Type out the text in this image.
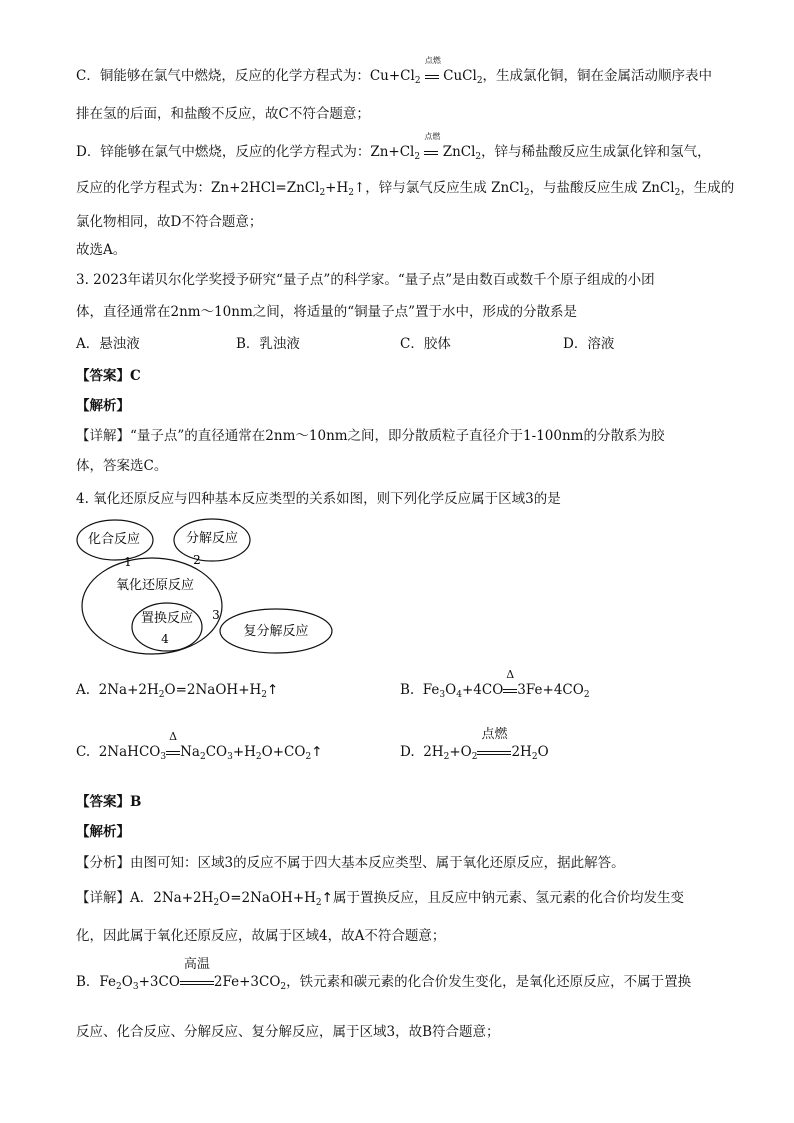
C．铜能够在氯气中燃烧，反应的化学方程式为：$Cu+Cl_2$
点燃
CuCl$_2$，生成氯化铜，铜在金属活动顺序表中
排在氢的后面，和盐酸不反应，故C不符合题意；
D．锌能够在氯气中燃烧，反应的化学方程式为：$Zn+Cl_2$
点燃
ZnCl$_2$，锌与稀盐酸反应生成氯化锌和氢气，
反应的化学方程式为：$Zn+2HCl=ZnCl_2+H_2↑$，锌与氯气反应生成 ZnCl$_2$，与盐酸反应生成 ZnCl$_2$，生成的
氯化物相同，故D不符合题意；
故选A。
3. 2023年诺贝尔化学奖授予研究“量子点”的科学家。“量子点”是由数百或数千个原子组成的小团
体，直径通常在2nm～10nm之间，将适量的“铜量子点”置于水中，形成的分散系是
A．悬浊液	B．乳浊液	C．胶体	D．溶液
【答案】C
【解析】
【详解】“量子点”的直径通常在2nm～10nm之间，即分散质粒子直径介于1-100nm的分散系为胶
体，答案选C。
4. 氧化还原反应与四种基本反应类型的关系如图，则下列化学反应属于区域3的是
化合反应	分解反应
1	2
氧化还原反应
置换反应
4
3
复分解反应
A.  $2Na+2H_2O=2NaOH+H_2↑$	B.  $Fe_3O_4+4CO$
Δ
$3Fe+4CO_2$
C.  2NaHCO$_3$
Δ
$Na_2CO_3+H_2O+CO_2↑$	D.  $2H_2+O_2$
点燃
$2H_2O$
【答案】B
【解析】
【分析】由图可知：区域3的反应不属于四大基本反应类型、属于氧化还原反应，据此解答。
【详解】A．$2Na+2H_2O=2NaOH+H_2↑$属于置换反应，且反应中钠元素、氢元素的化合价均发生变
化，因此属于氧化还原反应，故属于区域4，故A不符合题意；
B．$Fe_2O_3+3CO$
高温
$2Fe+3CO_2$，铁元素和碳元素的化合价发生变化，是氧化还原反应，不属于置换
反应、化合反应、分解反应、复分解反应，属于区域3，故B符合题意；
